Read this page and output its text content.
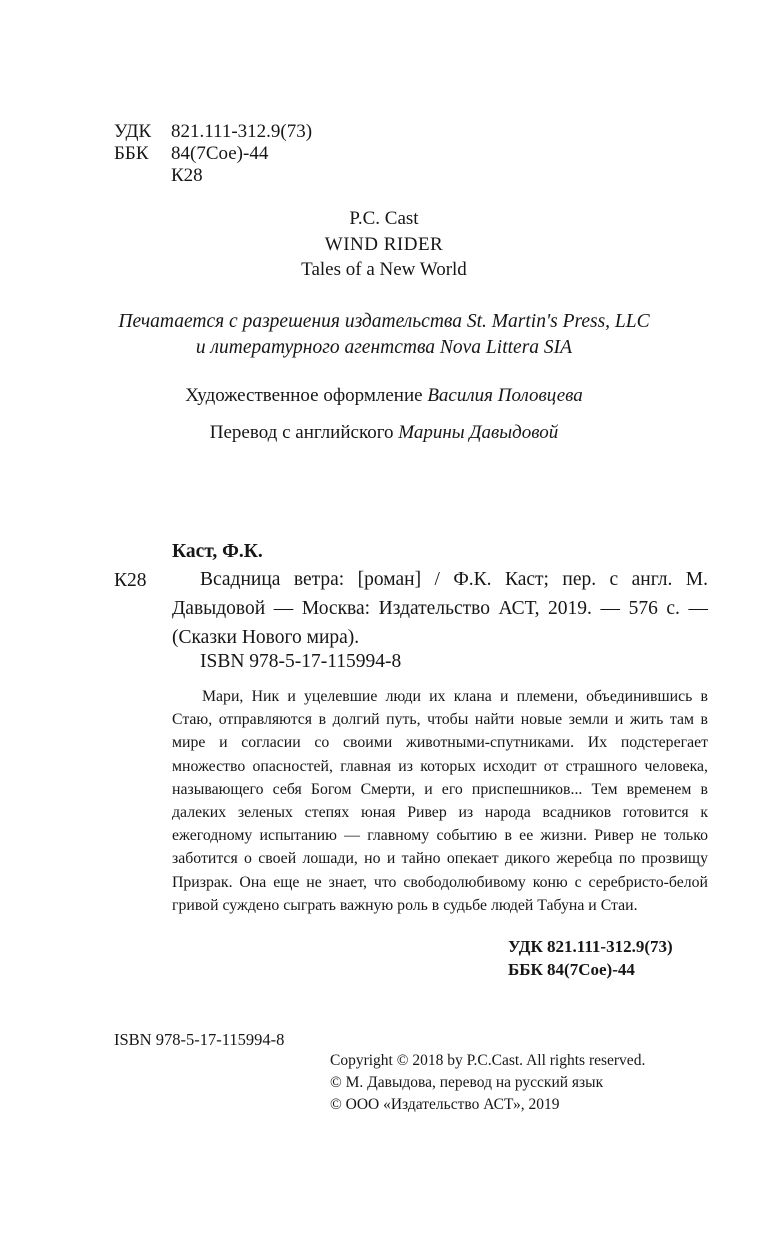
УДК 821.111-312.9(73)
ББК 84(7Сое)-44
К28
P.C. Cast
WIND RIDER
Tales of a New World
Печатается с разрешения издательства St. Martin's Press, LLC
и литературного агентства Nova Littera SIA
Художественное оформление Василия Половцева
Перевод с английского Марины Давыдовой
Каст, Ф.К.
К28	Всадница ветра: [роман] / Ф.К. Каст; пер. с англ. М. Давыдовой — Москва: Издательство АСТ, 2019. — 576 с. — (Сказки Нового мира).
ISBN 978-5-17-115994-8
Мари, Ник и уцелевшие люди их клана и племени, объединившись в Стаю, отправляются в долгий путь, чтобы найти новые земли и жить там в мире и согласии со своими животными-спутниками. Их подстерегает множество опасностей, главная из которых исходит от страшного человека, называющего себя Богом Смерти, и его приспешников... Тем временем в далеких зеленых степях юная Ривер из народа всадников готовится к ежегодному испытанию — главному событию в ее жизни. Ривер не только заботится о своей лошади, но и тайно опекает дикого жеребца по прозвищу Призрак. Она еще не знает, что свободолюбивому коню с серебристо-белой гривой суждено сыграть важную роль в судьбе людей Табуна и Стаи.
УДК 821.111-312.9(73)
ББК 84(7Сое)-44
ISBN 978-5-17-115994-8
Copyright © 2018 by P.C.Cast. All rights reserved.
© М. Давыдова, перевод на русский язык
© ООО «Издательство АСТ», 2019
